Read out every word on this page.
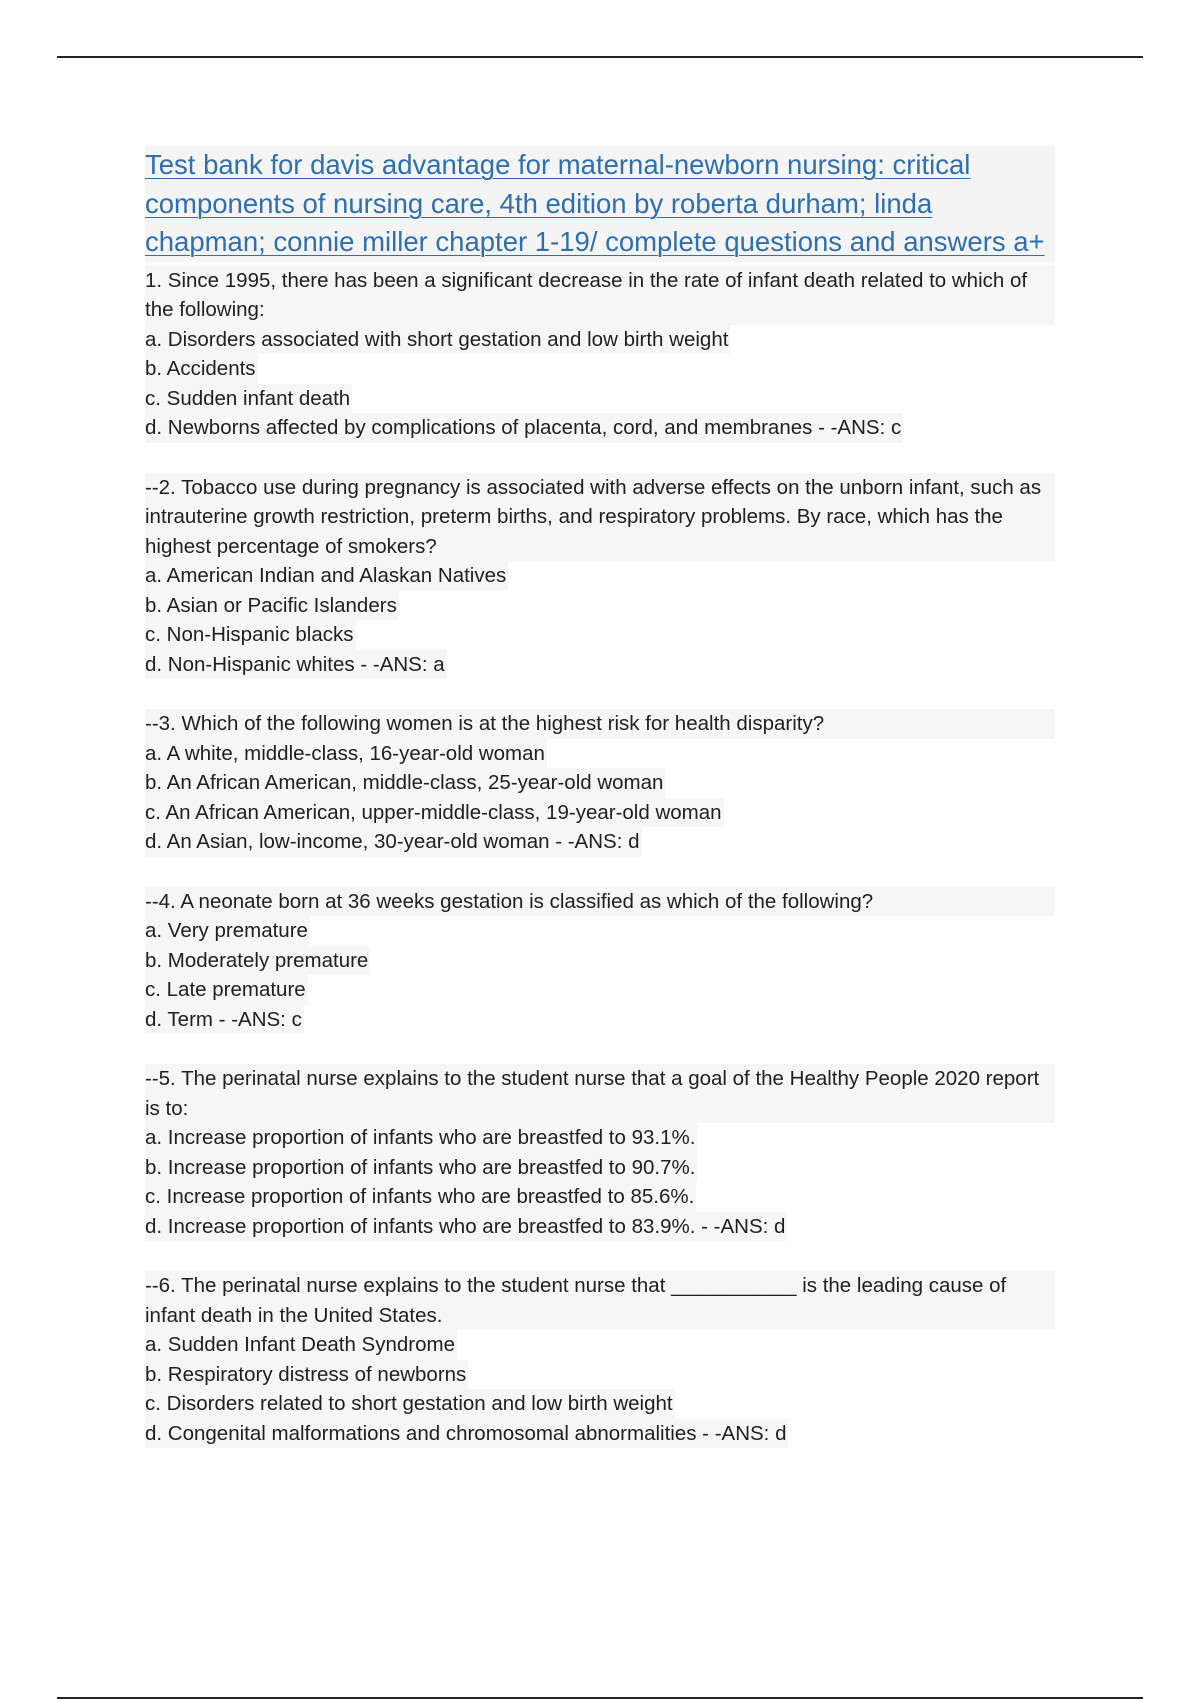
Test bank for davis advantage for maternal-newborn nursing: critical components of nursing care, 4th edition by roberta durham; linda chapman; connie miller chapter 1-19/ complete questions and answers a+
1. Since 1995, there has been a significant decrease in the rate of infant death related to which of the following:
a. Disorders associated with short gestation and low birth weight
b. Accidents
c. Sudden infant death
d. Newborns affected by complications of placenta, cord, and membranes - -ANS: c
--2. Tobacco use during pregnancy is associated with adverse effects on the unborn infant, such as intrauterine growth restriction, preterm births, and respiratory problems. By race, which has the highest percentage of smokers?
a. American Indian and Alaskan Natives
b. Asian or Pacific Islanders
c. Non-Hispanic blacks
d. Non-Hispanic whites - -ANS: a
--3. Which of the following women is at the highest risk for health disparity?
a. A white, middle-class, 16-year-old woman
b. An African American, middle-class, 25-year-old woman
c. An African American, upper-middle-class, 19-year-old woman
d. An Asian, low-income, 30-year-old woman - -ANS: d
--4. A neonate born at 36 weeks gestation is classified as which of the following?
a. Very premature
b. Moderately premature
c. Late premature
d. Term - -ANS: c
--5. The perinatal nurse explains to the student nurse that a goal of the Healthy People 2020 report is to:
a. Increase proportion of infants who are breastfed to 93.1%.
b. Increase proportion of infants who are breastfed to 90.7%.
c. Increase proportion of infants who are breastfed to 85.6%.
d. Increase proportion of infants who are breastfed to 83.9%. - -ANS: d
--6. The perinatal nurse explains to the student nurse that ___________ is the leading cause of infant death in the United States.
a. Sudden Infant Death Syndrome
b. Respiratory distress of newborns
c. Disorders related to short gestation and low birth weight
d. Congenital malformations and chromosomal abnormalities - -ANS: d
